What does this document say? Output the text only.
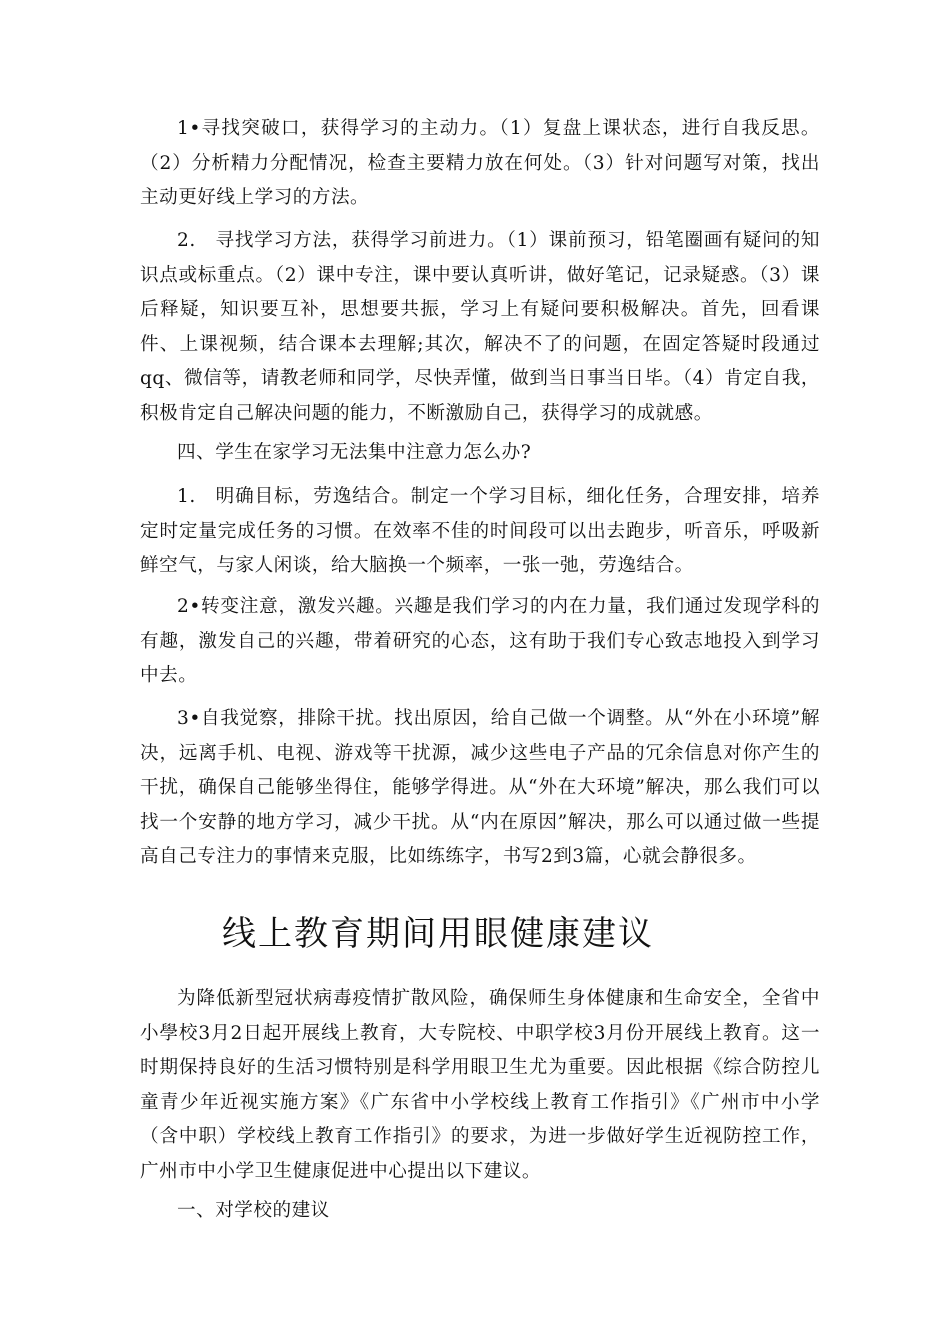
1•寻找突破口，获得学习的主动力。（1）复盘上课状态，进行自我反思。（2）分析精力分配情况，检查主要精力放在何处。（3）针对问题写对策，找出主动更好线上学习的方法。

2.　寻找学习方法，获得学习前进力。（1）课前预习，铅笔圈画有疑问的知识点或标重点。（2）课中专注，课中要认真听讲，做好笔记，记录疑惑。（3）课后释疑，知识要互补，思想要共振，学习上有疑问要积极解决。首先，回看课件、上课视频，结合课本去理解;其次，解决不了的问题，在固定答疑时段通过qq、微信等，请教老师和同学，尽快弄懂，做到当日事当日毕。（4）肯定自我，积极肯定自己解决问题的能力，不断激励自己，获得学习的成就感。

四、学生在家学习无法集中注意力怎么办?

1.　明确目标，劳逸结合。制定一个学习目标，细化任务，合理安排，培养定时定量完成任务的习惯。在效率不佳的时间段可以出去跑步，听音乐，呼吸新鲜空气，与家人闲谈，给大脑换一个频率，一张一弛，劳逸结合。

2•转变注意，激发兴趣。兴趣是我们学习的内在力量，我们通过发现学科的有趣，激发自己的兴趣，带着研究的心态，这有助于我们专心致志地投入到学习中去。

3•自我觉察，排除干扰。找出原因，给自己做一个调整。从“外在小环境”解决，远离手机、电视、游戏等干扰源，减少这些电子产品的冗余信息对你产生的干扰，确保自己能够坐得住，能够学得进。从“外在大环境”解决，那么我们可以找一个安静的地方学习，减少干扰。从“内在原因”解决，那么可以通过做一些提高自己专注力的事情来克服，比如练练字，书写2到3篇，心就会静很多。

线上教育期间用眼健康建议

为降低新型冠状病毒疫情扩散风险，确保师生身体健康和生命安全，全省中小學校3月2日起开展线上教育，大专院校、中职学校3月份开展线上教育。这一时期保持良好的生活习惯特别是科学用眼卫生尤为重要。因此根据《综合防控儿童青少年近视实施方案》《广东省中小学校线上教育工作指引》《广州市中小学（含中职）学校线上教育工作指引》的要求，为进一步做好学生近视防控工作，广州市中小学卫生健康促进中心提出以下建议。

一、对学校的建议
